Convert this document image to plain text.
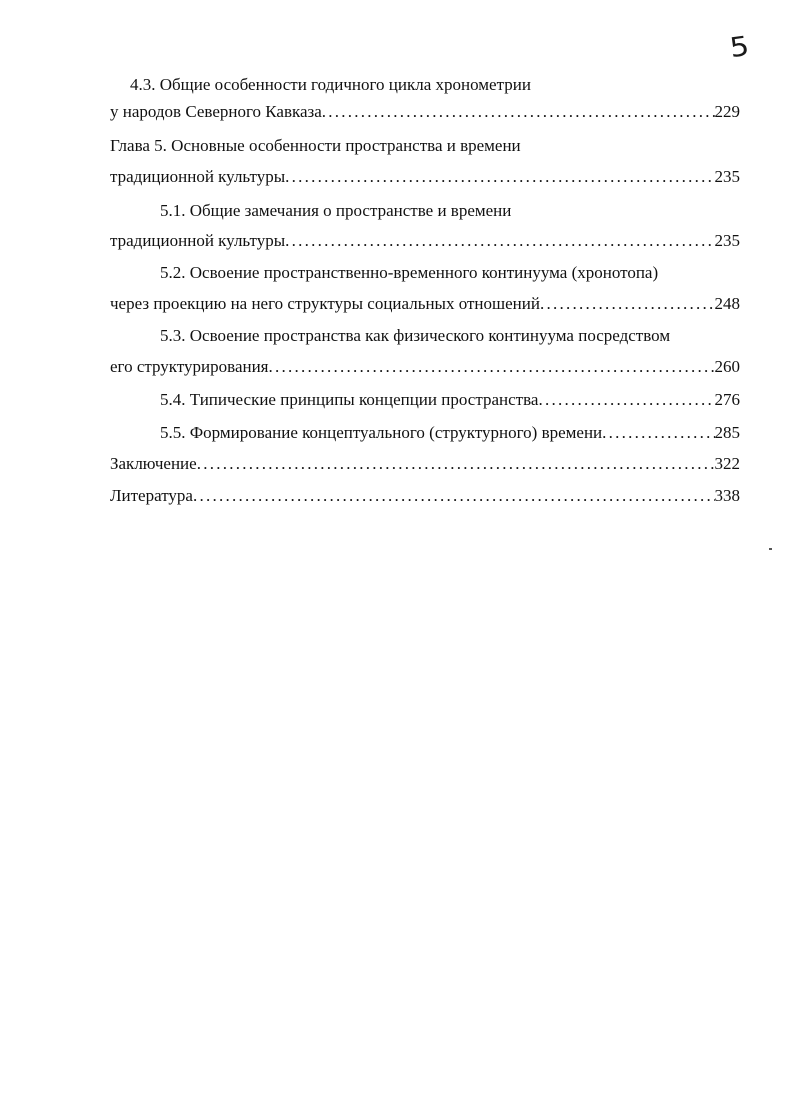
5
4.3. Общие особенности годичного цикла хронометрии
у народов Северного Кавказа . . .	229
Глава 5. Основные особенности пространства и времени
традиционной культуры . . .	235
5.1. Общие замечания о пространстве и времени
традиционной культуры . . .	235
5.2. Освоение пространственно-временного континуума (хронотопа)
через проекцию на него структуры социальных отношений . . .	248
5.3. Освоение пространства как физического континуума посредством
его структурирования . . .	260
5.4. Типические принципы концепции пространства . . .	276
5.5. Формирование концептуального (структурного) времени . . .	285
Заключение . . .	322
Литература . . .	338
